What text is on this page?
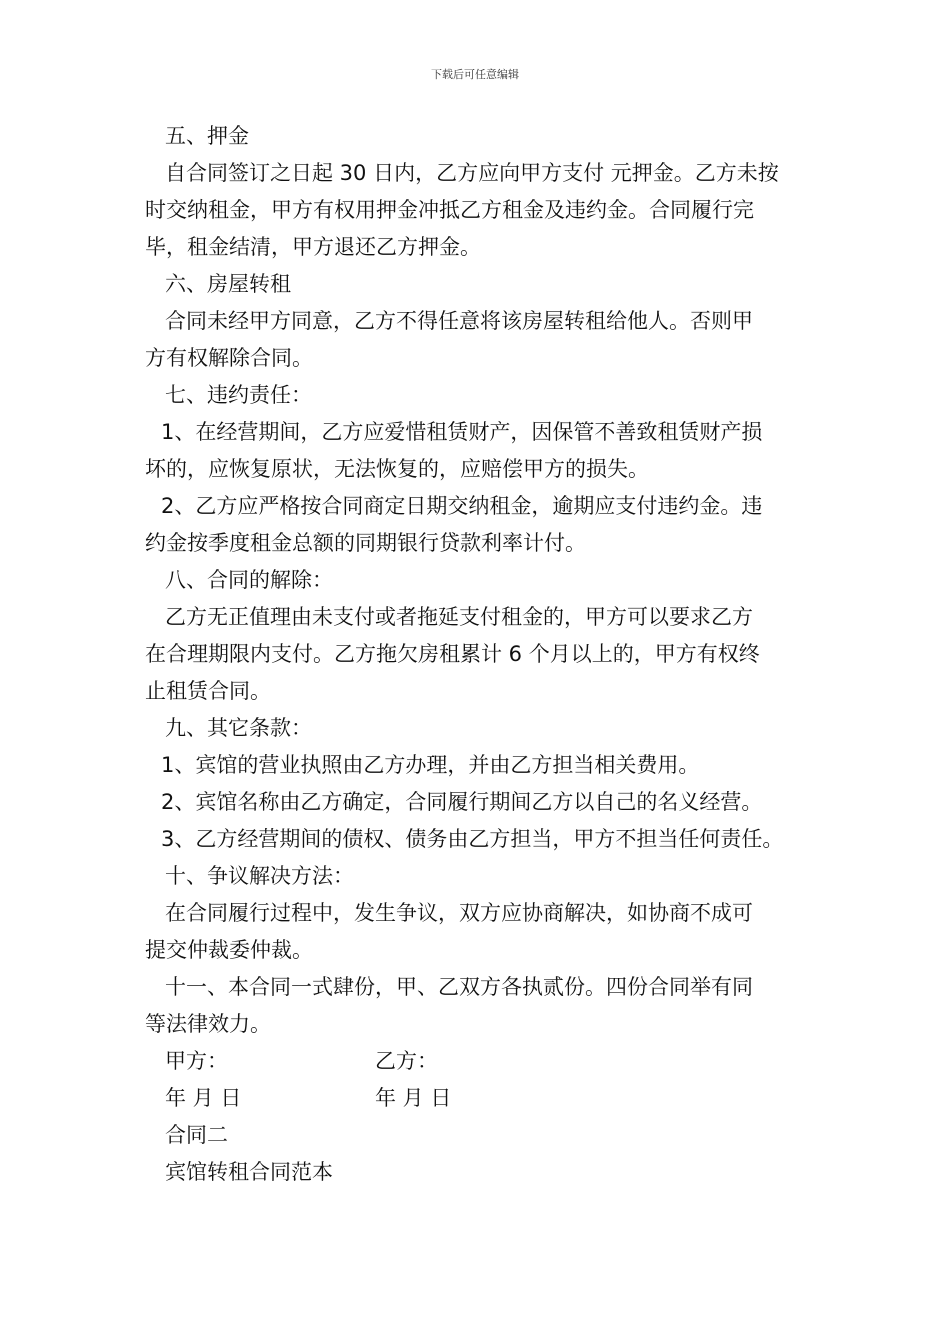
下载后可任意编辑

五、押金

自合同签订之日起 30 日内，乙方应向甲方支付 元押金。乙方未按

时交纳租金，甲方有权用押金冲抵乙方租金及违约金。合同履行完

毕，租金结清，甲方退还乙方押金。

六、房屋转租

合同未经甲方同意，乙方不得任意将该房屋转租给他人。否则甲

方有权解除合同。

七、违约责任：

1、在经营期间，乙方应爱惜租赁财产，因保管不善致租赁财产损

坏的，应恢复原状，无法恢复的，应赔偿甲方的损失。

2、乙方应严格按合同商定日期交纳租金，逾期应支付违约金。违

约金按季度租金总额的同期银行贷款利率计付。

八、合同的解除：

乙方无正值理由未支付或者拖延支付租金的，甲方可以要求乙方

在合理期限内支付。乙方拖欠房租累计 6 个月以上的，甲方有权终

止租赁合同。

九、其它条款：

1、宾馆的营业执照由乙方办理，并由乙方担当相关费用。

2、宾馆名称由乙方确定，合同履行期间乙方以自己的名义经营。

3、乙方经营期间的债权、债务由乙方担当，甲方不担当任何责任。

十、争议解决方法：

在合同履行过程中，发生争议，双方应协商解决，如协商不成可

提交仲裁委仲裁。

十一、本合同一式肆份，甲、乙双方各执贰份。四份合同举有同

等法律效力。

甲方：	乙方：
年 月 日	年 月 日

合同二

宾馆转租合同范本
